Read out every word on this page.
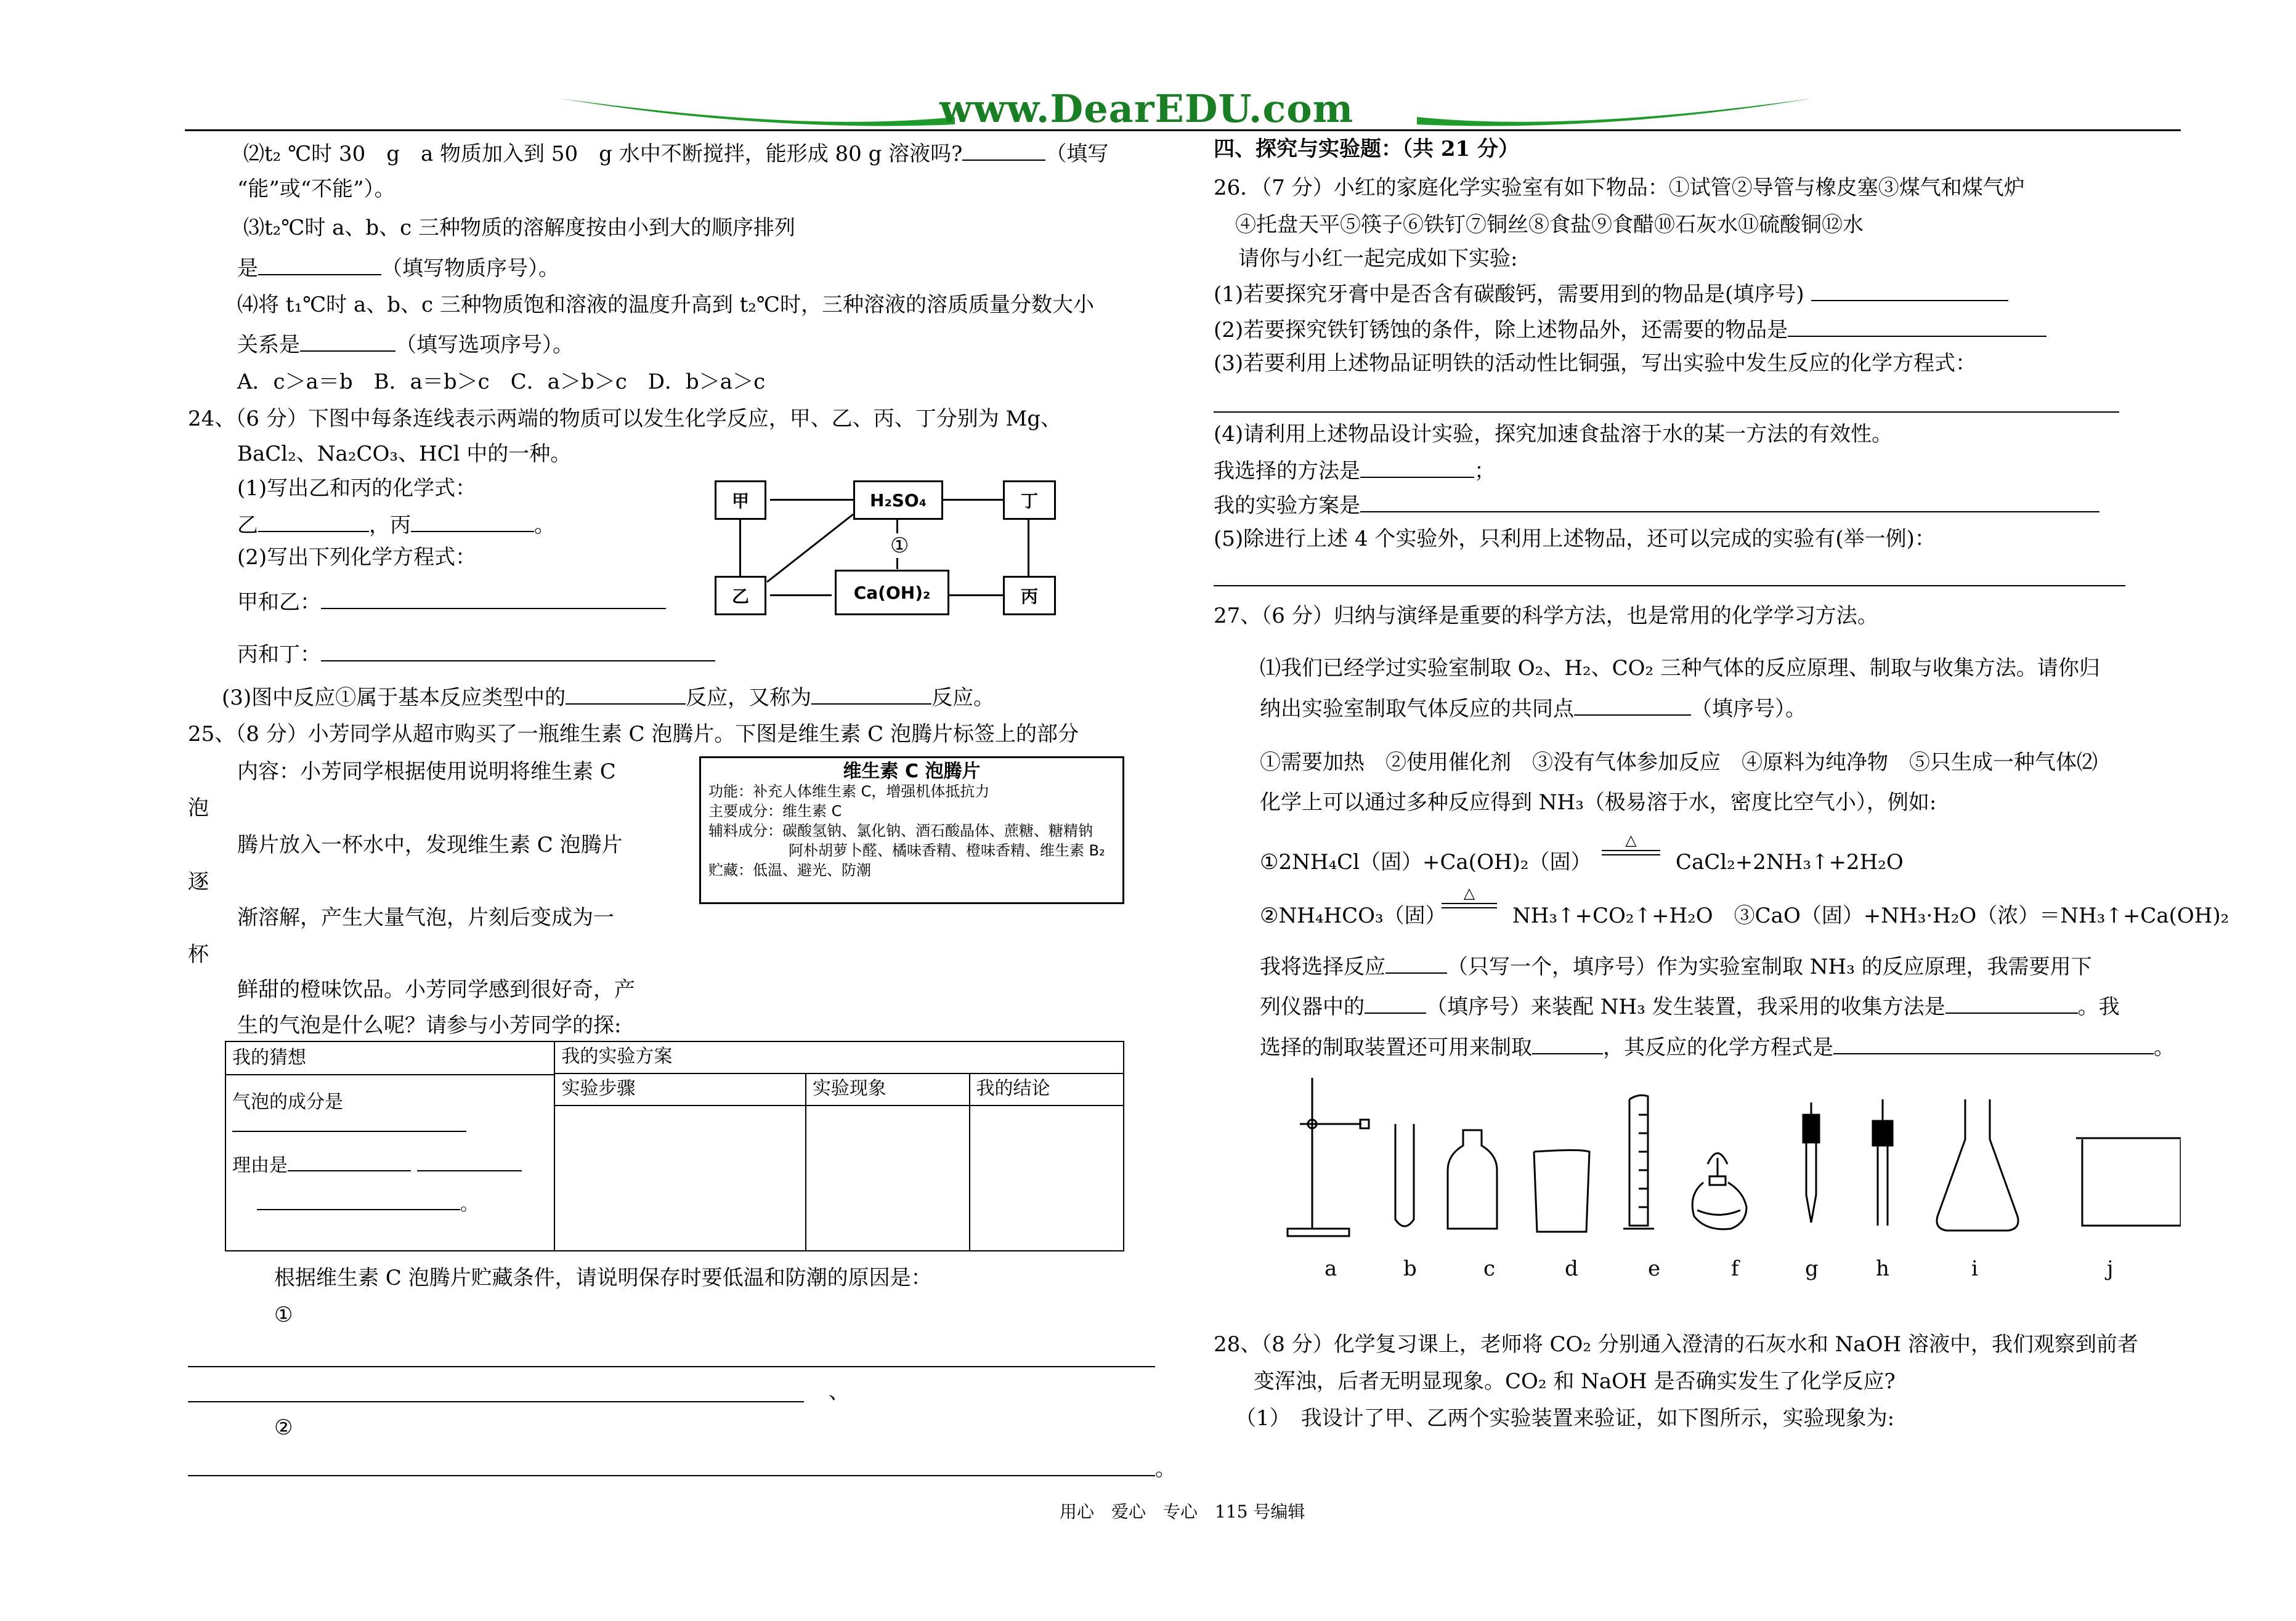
www.DearEDU.com
⑵t₂ ℃时 30　g　a 物质加入到 50　g 水中不断搅拌，能形成 80 g 溶液吗?	（填写
“能”或“不能”）。
⑶t₂℃时 a、b、c 三种物质的溶解度按由小到大的顺序排列
是	（填写物质序号）。
⑷将 t₁℃时 a、b、c 三种物质饱和溶液的温度升高到 t₂℃时，三种溶液的溶质质量分数大小
关系是	（填写选项序号）。
A．c＞a＝b　B．a＝b＞c　C．a＞b＞c　D．b＞a＞c
24、（6 分）下图中每条连线表示两端的物质可以发生化学反应，甲、乙、丙、丁分别为 Mg、
BaCl₂、Na₂CO₃、HCl 中的一种。
(1)写出乙和丙的化学式：
乙	，丙	。
(2)写出下列化学方程式：
甲和乙：
丙和丁：
(3)图中反应①属于基本反应类型中的	反应，又称为	反应。
甲	H₂SO₄	丁
乙	Ca(OH)₂	丙
①
25、（8 分）小芳同学从超市购买了一瓶维生素 C 泡腾片。下图是维生素 C 泡腾片标签上的部分
内容：小芳同学根据使用说明将维生素 C
泡
腾片放入一杯水中，发现维生素 C 泡腾片
逐
渐溶解，产生大量气泡，片刻后变成为一
杯
鲜甜的橙味饮品。小芳同学感到很好奇，产
生的气泡是什么呢？请参与小芳同学的探:
维生素 C 泡腾片
功能：补充人体维生素 C，增强机体抵抗力
主要成分：维生素 C
辅料成分：碳酸氢钠、氯化钠、酒石酸晶体、蔗糖、糖精钠
阿朴胡萝卜醛、橘味香精、橙味香精、维生素 B₂
贮藏：低温、避光、防潮
我的猜想
气泡的成分是
理由是
。	我的实验方案		
	实验步骤	实验现象	我的结论

根据维生素 C 泡腾片贮藏条件，请说明保存时要低温和防潮的原因是：
①
、
②
。
四、探究与实验题：（共 21 分）
26．（7 分）小红的家庭化学实验室有如下物品：①试管②导管与橡皮塞③煤气和煤气炉
④托盘天平⑤筷子⑥铁钉⑦铜丝⑧食盐⑨食醋⑩石灰水⑪硫酸铜⑫水
请你与小红一起完成如下实验:
(1)若要探究牙膏中是否含有碳酸钙，需要用到的物品是(填序号)
(2)若要探究铁钉锈蚀的条件，除上述物品外，还需要的物品是
(3)若要利用上述物品证明铁的活动性比铜强，写出实验中发生反应的化学方程式：
(4)请利用上述物品设计实验，探究加速食盐溶于水的某一方法的有效性。
我选择的方法是	；
我的实验方案是
(5)除进行上述 4 个实验外，只利用上述物品，还可以完成的实验有(举一例)：
27、（6 分）归纳与演绎是重要的科学方法，也是常用的化学学习方法。
⑴我们已经学过实验室制取 O₂、H₂、CO₂ 三种气体的反应原理、制取与收集方法。请你归
纳出实验室制取气体反应的共同点	（填序号）。
①需要加热　②使用催化剂　③没有气体参加反应　④原料为纯净物　⑤只生成一种气体⑵
化学上可以通过多种反应得到 NH₃（极易溶于水，密度比空气小），例如:
①2NH₄Cl（固）+Ca(OH)₂（固）
△
CaCl₂+2NH₃↑+2H₂O
②NH₄HCO₃（固）
△
NH₃↑+CO₂↑+H₂O　③CaO（固）+NH₃·H₂O（浓）＝NH₃↑+Ca(OH)₂
我将选择反应	（只写一个，填序号）作为实验室制取 NH₃ 的反应原理，我需要用下
列仪器中的	（填序号）来装配 NH₃ 发生装置，我采用的收集方法是	。我
选择的制取装置还可用来制取	，其反应的化学方程式是	。
a	b	c	d	e	f	g	h	i	j
28、（8 分）化学复习课上，老师将 CO₂ 分别通入澄清的石灰水和 NaOH 溶液中，我们观察到前者
变浑浊，后者无明显现象。CO₂ 和 NaOH 是否确实发生了化学反应?
（1）　我设计了甲、乙两个实验装置来验证，如下图所示，实验现象为:
用心　爱心　专心　115 号编辑
